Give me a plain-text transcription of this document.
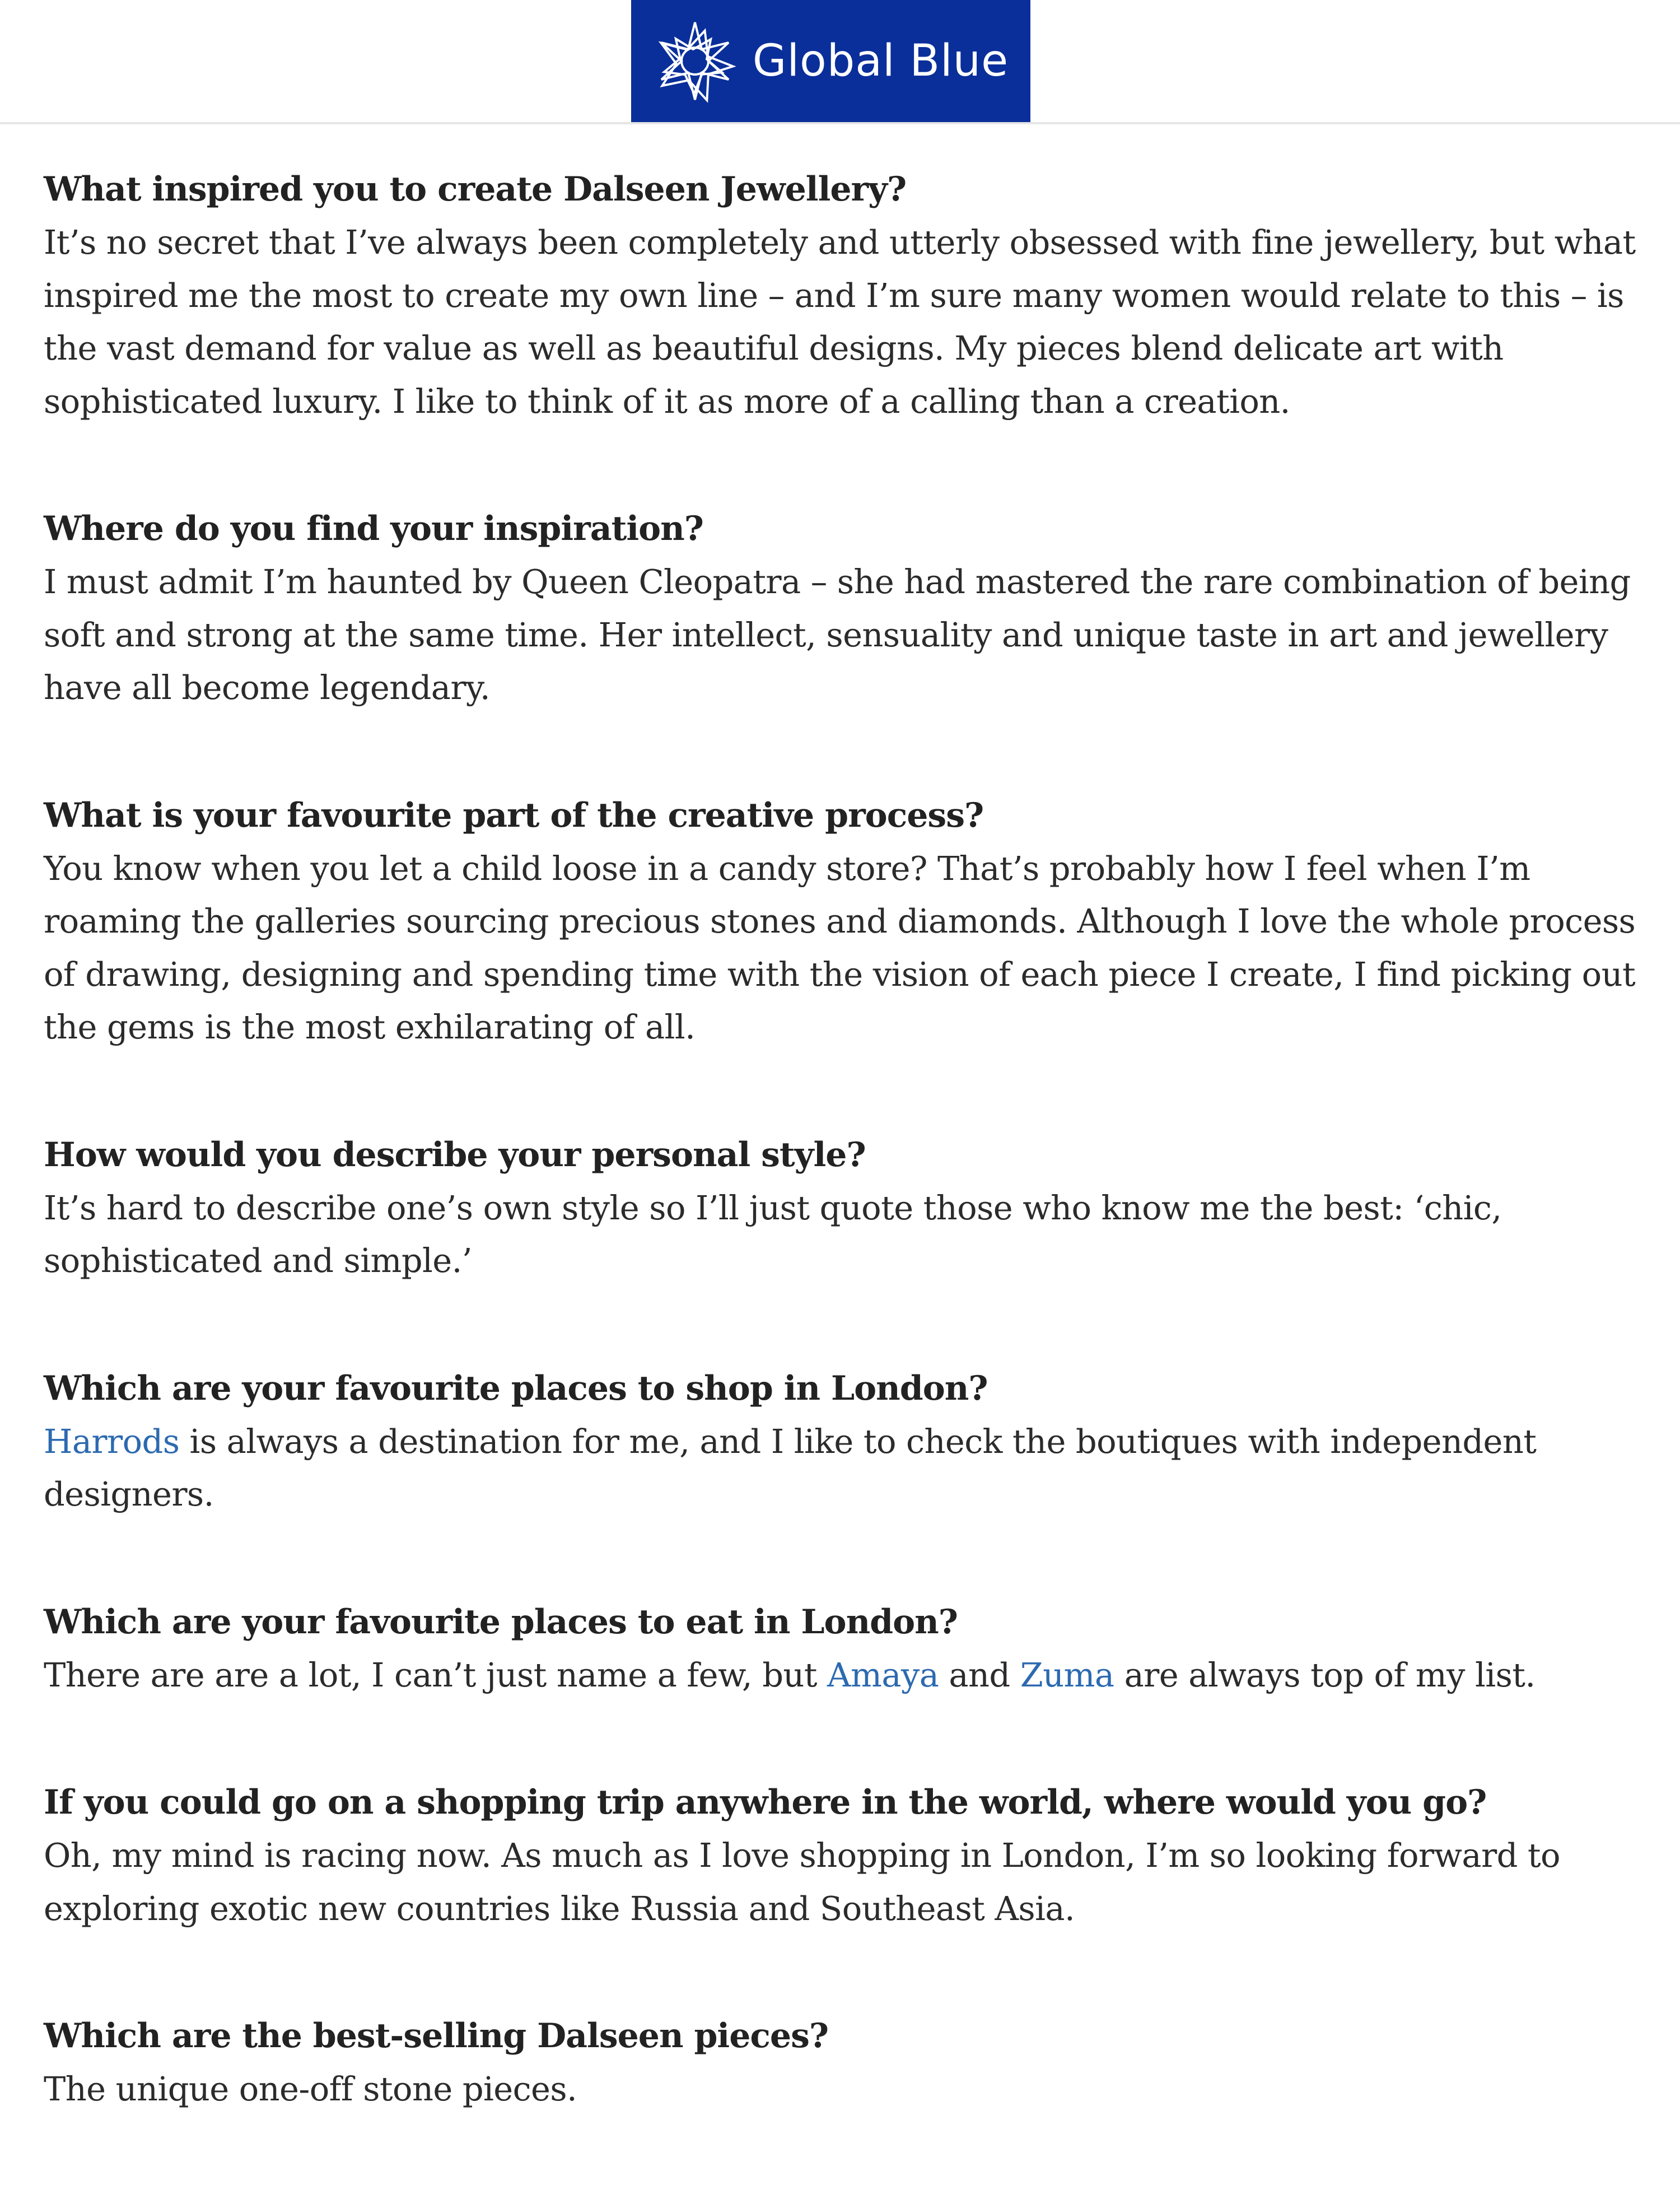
Global Blue
What inspired you to create Dalseen Jewellery?
It’s no secret that I’ve always been completely and utterly obsessed with fine jewellery, but what inspired me the most to create my own line – and I’m sure many women would relate to this – is the vast demand for value as well as beautiful designs. My pieces blend delicate art with sophisticated luxury. I like to think of it as more of a calling than a creation.
Where do you find your inspiration?
I must admit I’m haunted by Queen Cleopatra – she had mastered the rare combination of being soft and strong at the same time. Her intellect, sensuality and unique taste in art and jewellery have all become legendary.
What is your favourite part of the creative process?
You know when you let a child loose in a candy store? That’s probably how I feel when I’m roaming the galleries sourcing precious stones and diamonds. Although I love the whole process of drawing, designing and spending time with the vision of each piece I create, I find picking out the gems is the most exhilarating of all.
How would you describe your personal style?
It’s hard to describe one’s own style so I’ll just quote those who know me the best: ‘chic, sophisticated and simple.’
Which are your favourite places to shop in London?
Harrods is always a destination for me, and I like to check the boutiques with independent designers.
Which are your favourite places to eat in London?
There are are a lot, I can’t just name a few, but Amaya and Zuma are always top of my list.
If you could go on a shopping trip anywhere in the world, where would you go?
Oh, my mind is racing now. As much as I love shopping in London, I’m so looking forward to exploring exotic new countries like Russia and Southeast Asia.
Which are the best-selling Dalseen pieces?
The unique one-off stone pieces.
